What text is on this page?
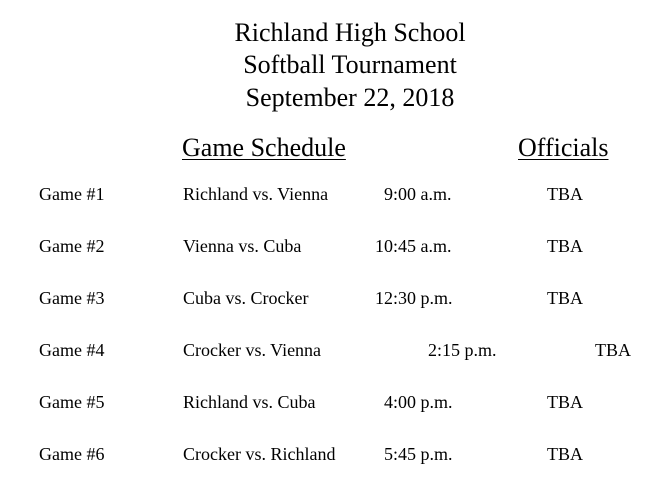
Richland High School
Softball Tournament
September 22, 2018
Game Schedule	Officials
Game #1	Richland vs. Vienna	9:00 a.m.	TBA
Game #2	Vienna vs. Cuba	10:45 a.m.	TBA
Game #3	Cuba vs. Crocker	12:30 p.m.	TBA
Game #4	Crocker vs. Vienna	2:15 p.m.	TBA
Game #5	Richland vs. Cuba	4:00 p.m.	TBA
Game #6	Crocker vs. Richland	5:45 p.m.	TBA
